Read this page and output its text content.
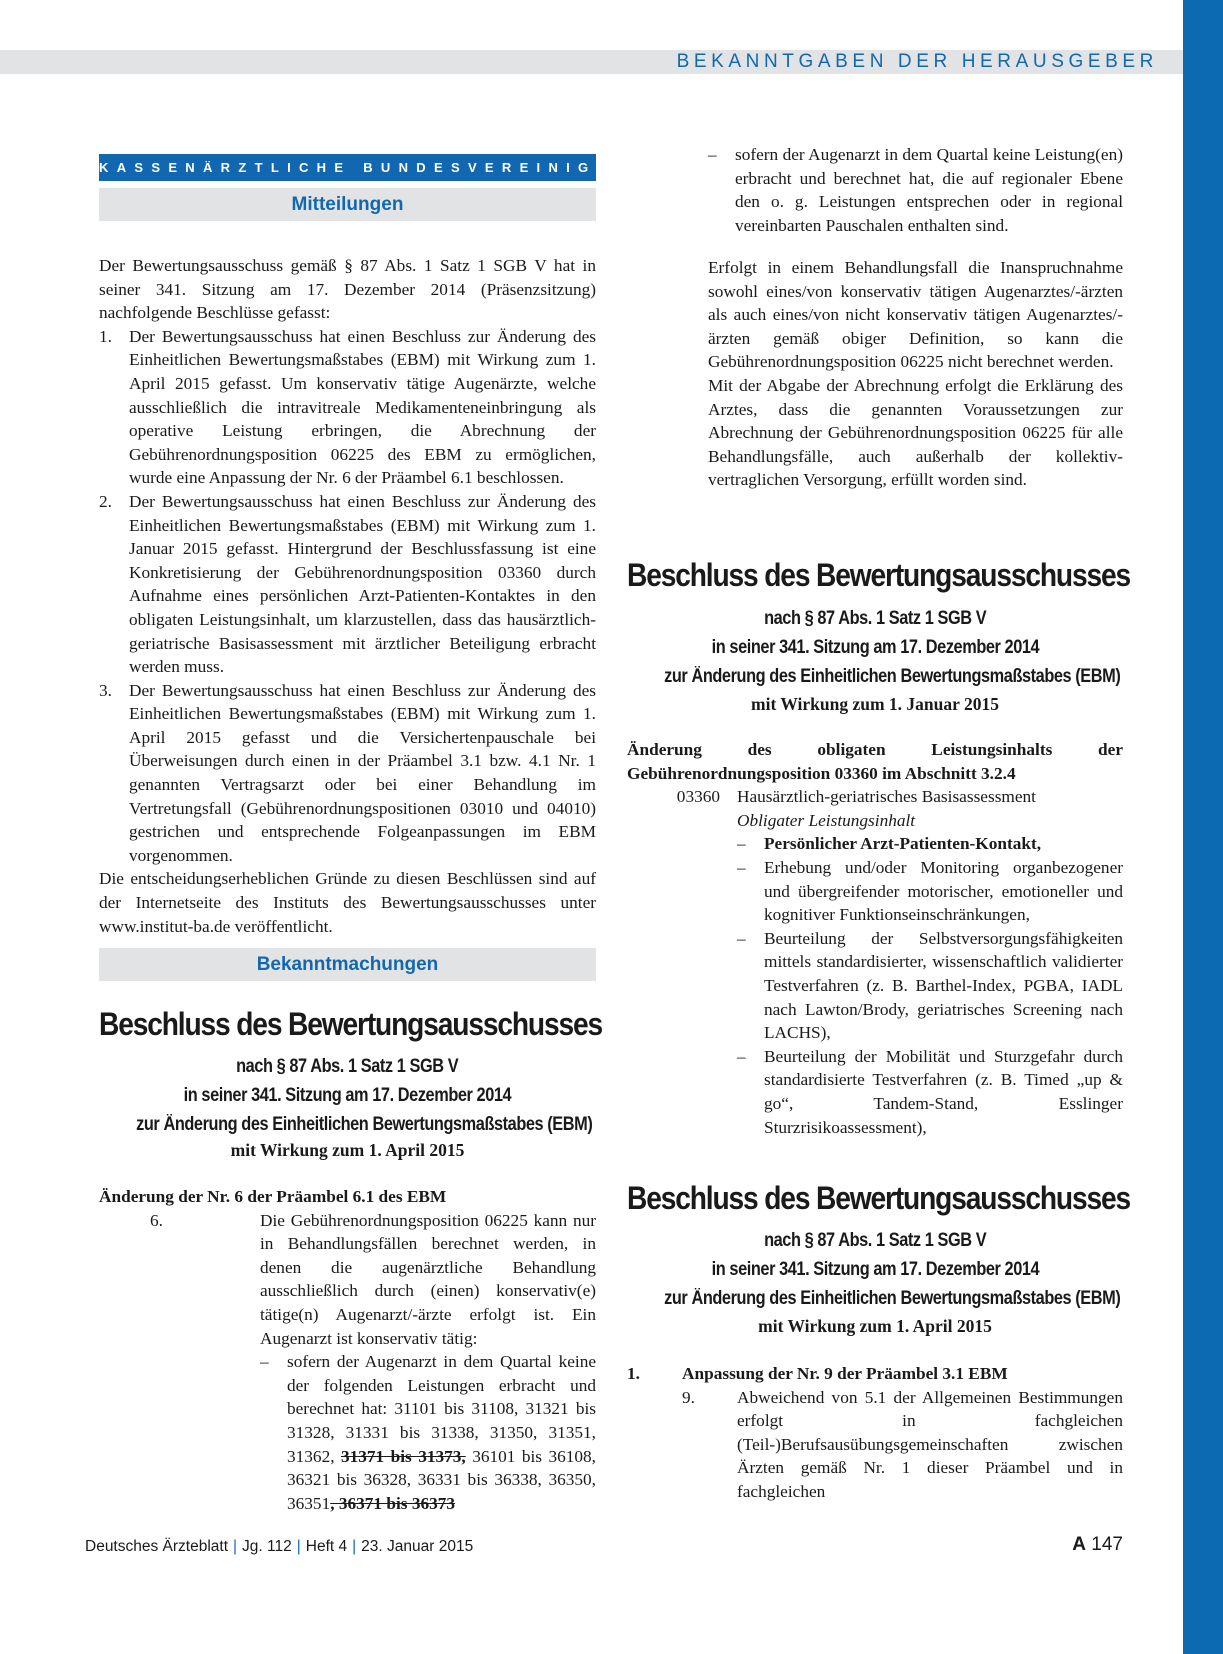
BEKANNTGABEN DER HERAUSGEBER
KASSENÄRZTLICHE BUNDESVEREINIGUNG
Mitteilungen

Der Bewertungsausschuss gemäß § 87 Abs. 1 Satz 1 SGB V hat in seiner 341. Sitzung am 17. Dezember 2014 (Präsenzsitzung) nachfolgende Beschlüsse gefasst:

1. Der Bewertungsausschuss hat einen Beschluss zur Änderung des Einheitlichen Bewertungsmaßstabes (EBM) mit Wirkung zum 1. April 2015 gefasst. Um konservativ tätige Augenärzte, welche ausschließlich die intravitreale Medikamenteneinbringung als operative Leistung erbringen, die Abrechnung der Gebührenordnungsposition 06225 des EBM zu ermöglichen, wurde eine Anpassung der Nr. 6 der Präambel 6.1 beschlossen.
2. Der Bewertungsausschuss hat einen Beschluss zur Änderung des Einheitlichen Bewertungsmaßstabes (EBM) mit Wirkung zum 1. Januar 2015 gefasst. Hintergrund der Beschlussfassung ist eine Konkretisierung der Gebührenordnungsposition 03360 durch Aufnahme eines persönlichen Arzt-Patienten-Kontaktes in den obligaten Leistungsinhalt, um klarzustellen, dass das hausärztlich-geriatrische Basisassessment mit ärztlicher Beteiligung erbracht werden muss.
3. Der Bewertungsausschuss hat einen Beschluss zur Änderung des Einheitlichen Bewertungsmaßstabes (EBM) mit Wirkung zum 1. April 2015 gefasst und die Versichertenpauschale bei Überweisungen durch einen in der Präambel 3.1 bzw. 4.1 Nr. 1 genannten Vertragsarzt oder bei einer Behandlung im Vertretungsfall (Gebührenordnungspositionen 03010 und 04010) gestrichen und entsprechende Folgeanpassungen im EBM vorgenommen.

Die entscheidungserheblichen Gründe zu diesen Beschlüssen sind auf der Internetseite des Instituts des Bewertungsausschusses unter www.institut-ba.de veröffentlicht.

Bekanntmachungen
Beschluss des Bewertungsausschusses
nach § 87 Abs. 1 Satz 1 SGB V
in seiner 341. Sitzung am 17. Dezember 2014
zur Änderung des Einheitlichen Bewertungsmaßstabes (EBM)
mit Wirkung zum 1. April 2015
Änderung der Nr. 6 der Präambel 6.1 des EBM
6.	Die Gebührenordnungsposition 06225 kann nur in Behandlungsfällen berechnet werden, in denen die augenärztliche Behandlung ausschließlich durch (einen) konservativ(e) tätige(n) Augenarzt/-ärzte erfolgt ist. Ein Augenarzt ist konservativ tätig:

–	sofern der Augenarzt in dem Quartal keine der folgenden Leistungen erbracht und berechnet hat: 31101 bis 31108, 31321 bis 31328, 31331 bis 31338, 31350, 31351, 31362, 31371 bis 31373, 36101 bis 36108, 36321 bis 36328, 36331 bis 36338, 36350, 36351, 36371 bis 36373
–	sofern der Augenarzt in dem Quartal keine Leistung(en) erbracht und berechnet hat, die auf regionaler Ebene den o. g. Leistungen entsprechen oder in regional vereinbarten Pauschalen enthalten sind.

Erfolgt in einem Behandlungsfall die Inanspruchnahme sowohl eines/von konservativ tätigen Augenarztes/-ärzten als auch eines/von nicht konservativ tätigen Augenarztes/-ärzten gemäß obiger Definition, so kann die Gebührenordnungsposition 06225 nicht berechnet werden.

Mit der Abgabe der Abrechnung erfolgt die Erklärung des Arztes, dass die genannten Voraussetzungen zur Abrechnung der Gebührenordnungsposition 06225 für alle Behandlungsfälle, auch außerhalb der kollektiv-vertraglichen Versorgung, erfüllt worden sind.

Beschluss des Bewertungsausschusses
nach § 87 Abs. 1 Satz 1 SGB V
in seiner 341. Sitzung am 17. Dezember 2014
zur Änderung des Einheitlichen Bewertungsmaßstabes (EBM)
mit Wirkung zum 1. Januar 2015

Änderung des obligaten Leistungsinhalts der Gebührenordnungsposition 03360 im Abschnitt 3.2.4

03360 Hausärztlich-geriatrisches Basisassessment
Obligater Leistungsinhalt
–	Persönlicher Arzt-Patienten-Kontakt,
–	Erhebung und/oder Monitoring organbezogener und übergreifender motorischer, emotioneller und kognitiver Funktionseinschränkungen,
–	Beurteilung der Selbstversorgungsfähigkeiten mittels standardisierter, wissenschaftlich validierter Testverfahren (z. B. Barthel-Index, PGBA, IADL nach Lawton/Brody, geriatrisches Screening nach LACHS),
–	Beurteilung der Mobilität und Sturzgefahr durch standardisierte Testverfahren (z. B. Timed „up & go“, Tandem-Stand, Esslinger Sturzrisikoassessment),
Beschluss des Bewertungsausschusses
nach § 87 Abs. 1 Satz 1 SGB V
in seiner 341. Sitzung am 17. Dezember 2014
zur Änderung des Einheitlichen Bewertungsmaßstabes (EBM)
mit Wirkung zum 1. April 2015
1.	Anpassung der Nr. 9 der Präambel 3.1 EBM
9.	Abweichend von 5.1 der Allgemeinen Bestimmungen erfolgt in fachgleichen (Teil-)Berufsausübungsgemeinschaften zwischen Ärzten gemäß Nr. 1 dieser Präambel und in fachgleichen

Deutsches Ärzteblatt | Jg. 112 | Heft 4 | 23. Januar 2015	A 147
